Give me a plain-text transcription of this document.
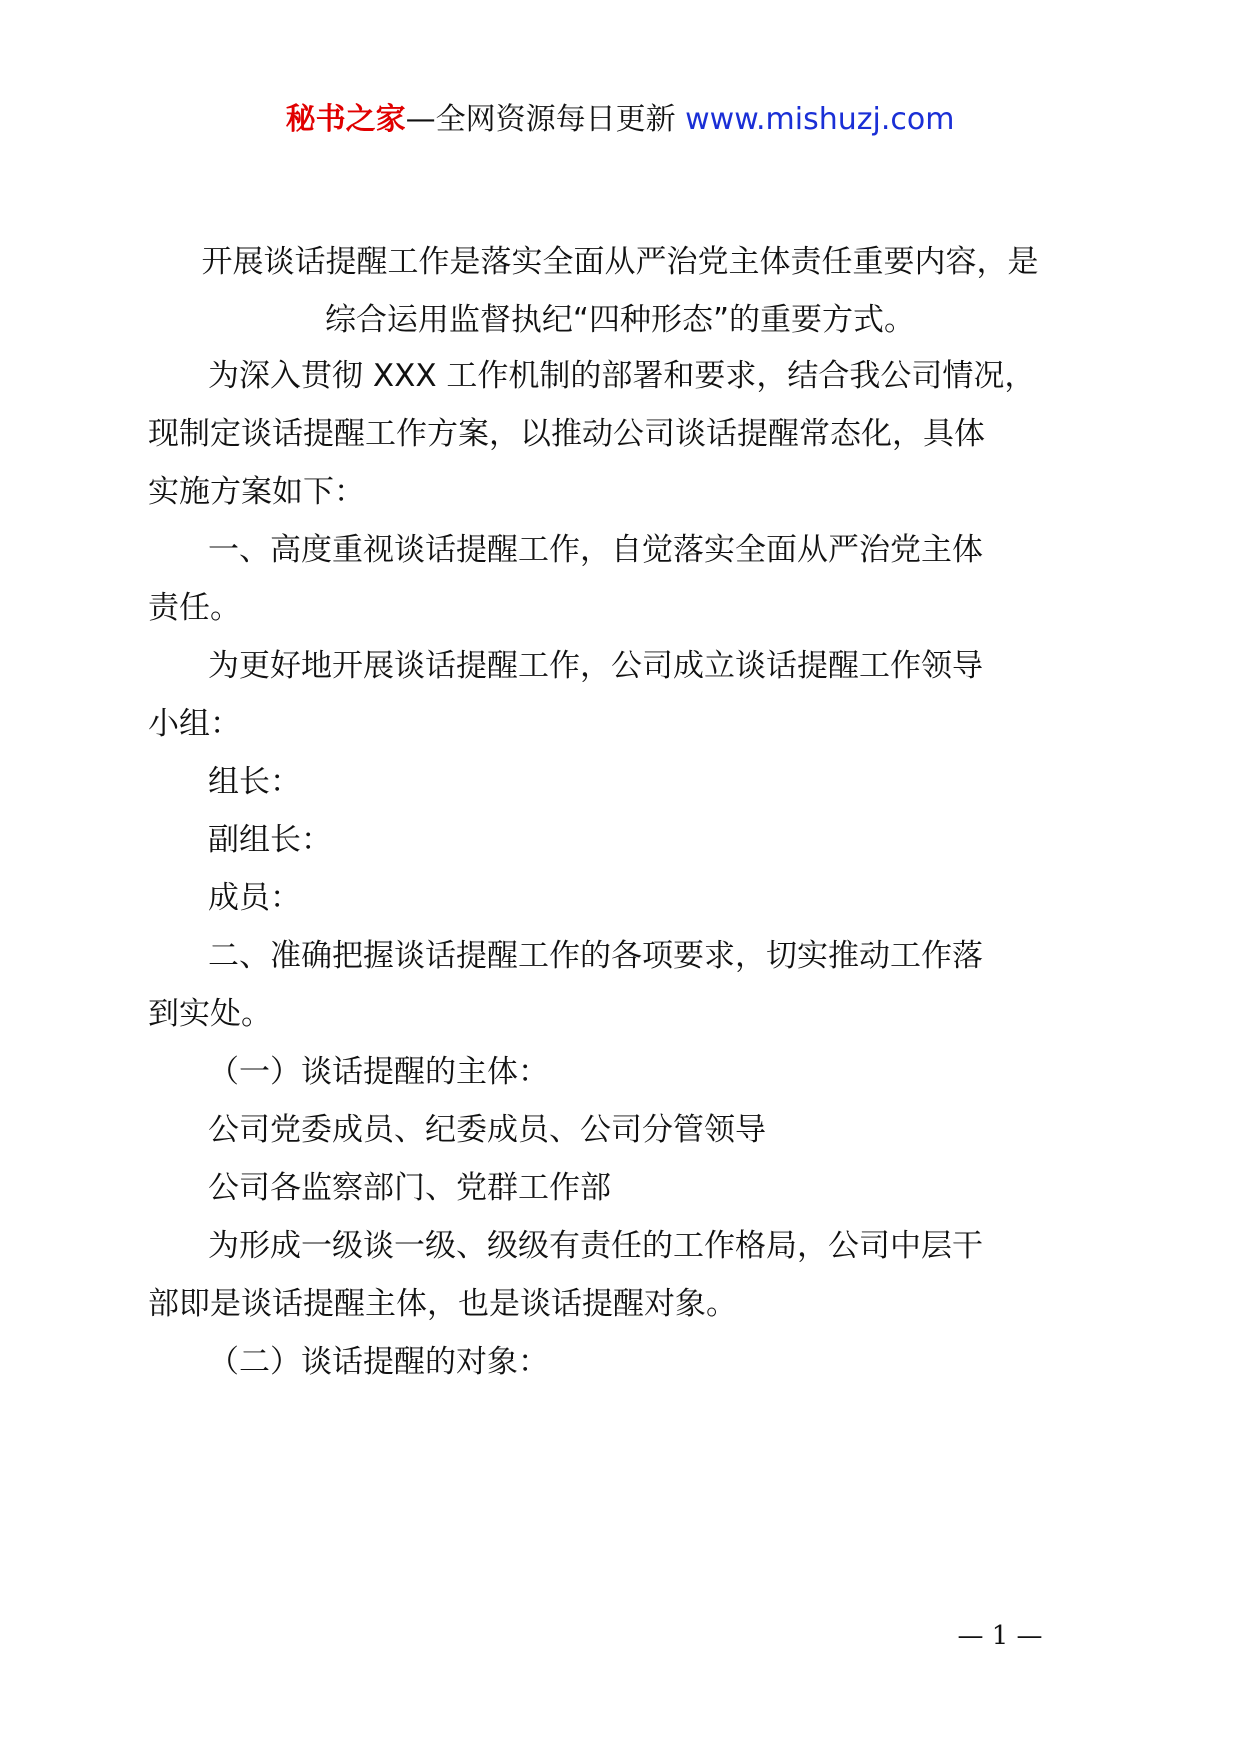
秘书之家—全网资源每日更新 www.mishuzj.com
开展谈话提醒工作是落实全面从严治党主体责任重要内容，是
综合运用监督执纪“四种形态”的重要方式。
为深入贯彻 XXX 工作机制的部署和要求，结合我公司情况，
现制定谈话提醒工作方案，以推动公司谈话提醒常态化，具体
实施方案如下：
一、高度重视谈话提醒工作，自觉落实全面从严治党主体
责任。
为更好地开展谈话提醒工作，公司成立谈话提醒工作领导
小组：
组长：
副组长：
成员：
二、准确把握谈话提醒工作的各项要求，切实推动工作落
到实处。
（一）谈话提醒的主体：
公司党委成员、纪委成员、公司分管领导
公司各监察部门、党群工作部
为形成一级谈一级、级级有责任的工作格局，公司中层干
部即是谈话提醒主体，也是谈话提醒对象。
（二）谈话提醒的对象：
— 1 —
